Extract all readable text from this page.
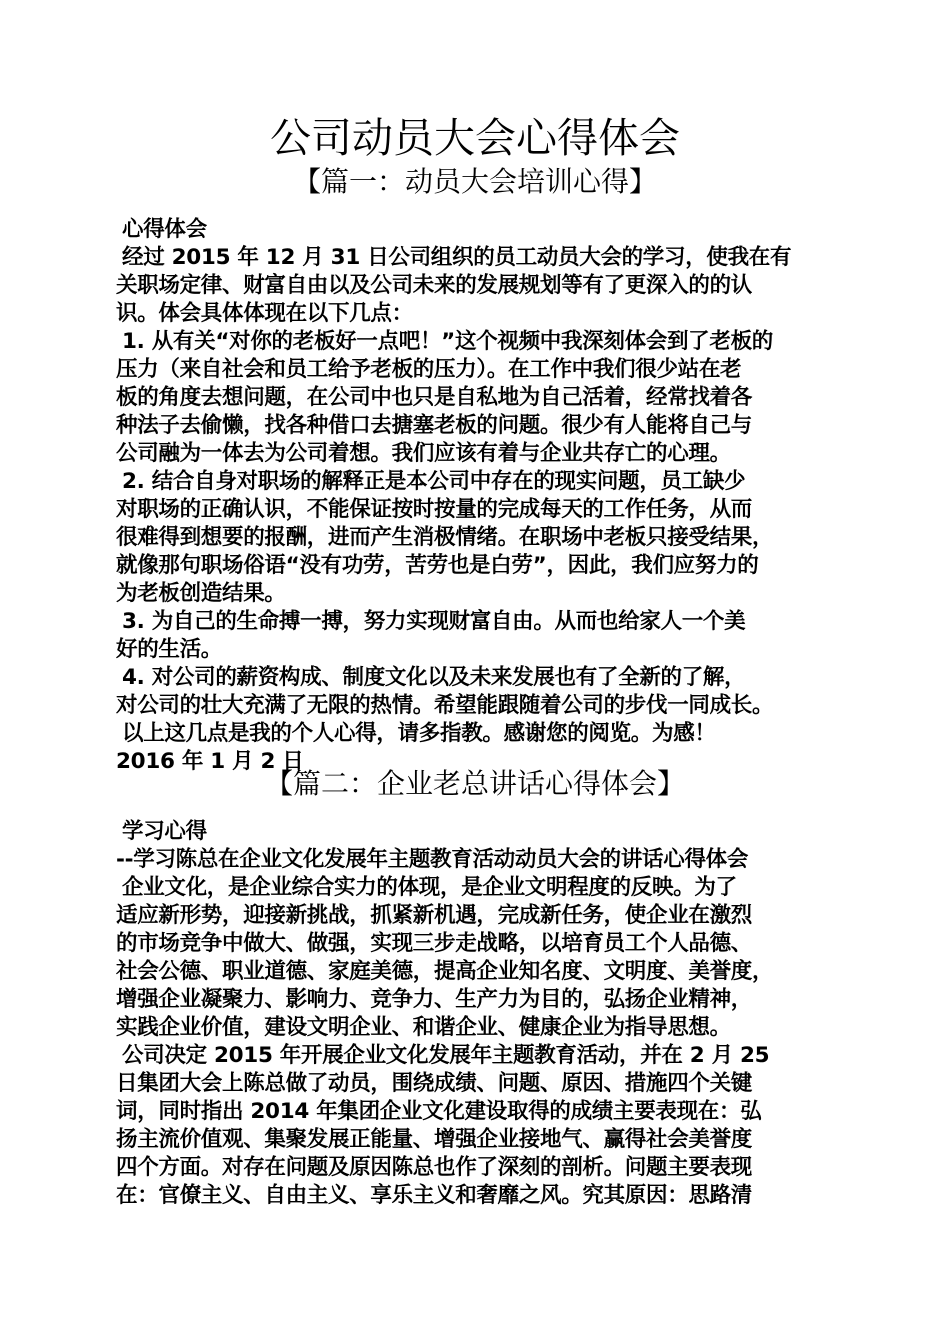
公司动员大会心得体会
【篇一：动员大会培训心得】
心得体会
经过 2015 年 12 月 31 日公司组织的员工动员大会的学习，使我在有
关职场定律、财富自由以及公司未来的发展规划等有了更深入的的认
识。体会具体体现在以下几点：
1. 从有关“对你的老板好一点吧！”这个视频中我深刻体会到了老板的
压力（来自社会和员工给予老板的压力）。在工作中我们很少站在老
板的角度去想问题，在公司中也只是自私地为自己活着，经常找着各
种法子去偷懒，找各种借口去搪塞老板的问题。很少有人能将自己与
公司融为一体去为公司着想。我们应该有着与企业共存亡的心理。
2. 结合自身对职场的解释正是本公司中存在的现实问题，员工缺少
对职场的正确认识，不能保证按时按量的完成每天的工作任务，从而
很难得到想要的报酬，进而产生消极情绪。在职场中老板只接受结果，
就像那句职场俗语“没有功劳，苦劳也是白劳”，因此，我们应努力的
为老板创造结果。
3. 为自己的生命搏一搏，努力实现财富自由。从而也给家人一个美
好的生活。
4. 对公司的薪资构成、制度文化以及未来发展也有了全新的了解，
对公司的壮大充满了无限的热情。希望能跟随着公司的步伐一同成长。
以上这几点是我的个人心得，请多指教。感谢您的阅览。为感！
2016 年 1 月 2 日
【篇二：企业老总讲话心得体会】
学习心得
--学习陈总在企业文化发展年主题教育活动动员大会的讲话心得体会
企业文化，是企业综合实力的体现，是企业文明程度的反映。为了
适应新形势，迎接新挑战，抓紧新机遇，完成新任务，使企业在激烈
的市场竞争中做大、做强，实现三步走战略，以培育员工个人品德、
社会公德、职业道德、家庭美德，提高企业知名度、文明度、美誉度，
增强企业凝聚力、影响力、竞争力、生产力为目的，弘扬企业精神，
实践企业价值，建设文明企业、和谐企业、健康企业为指导思想。
公司决定 2015 年开展企业文化发展年主题教育活动，并在 2 月 25
日集团大会上陈总做了动员，围绕成绩、问题、原因、措施四个关键
词，同时指出 2014 年集团企业文化建设取得的成绩主要表现在：弘
扬主流价值观、集聚发展正能量、增强企业接地气、赢得社会美誉度
四个方面。对存在问题及原因陈总也作了深刻的剖析。问题主要表现
在：官僚主义、自由主义、享乐主义和奢靡之风。究其原因：思路清
